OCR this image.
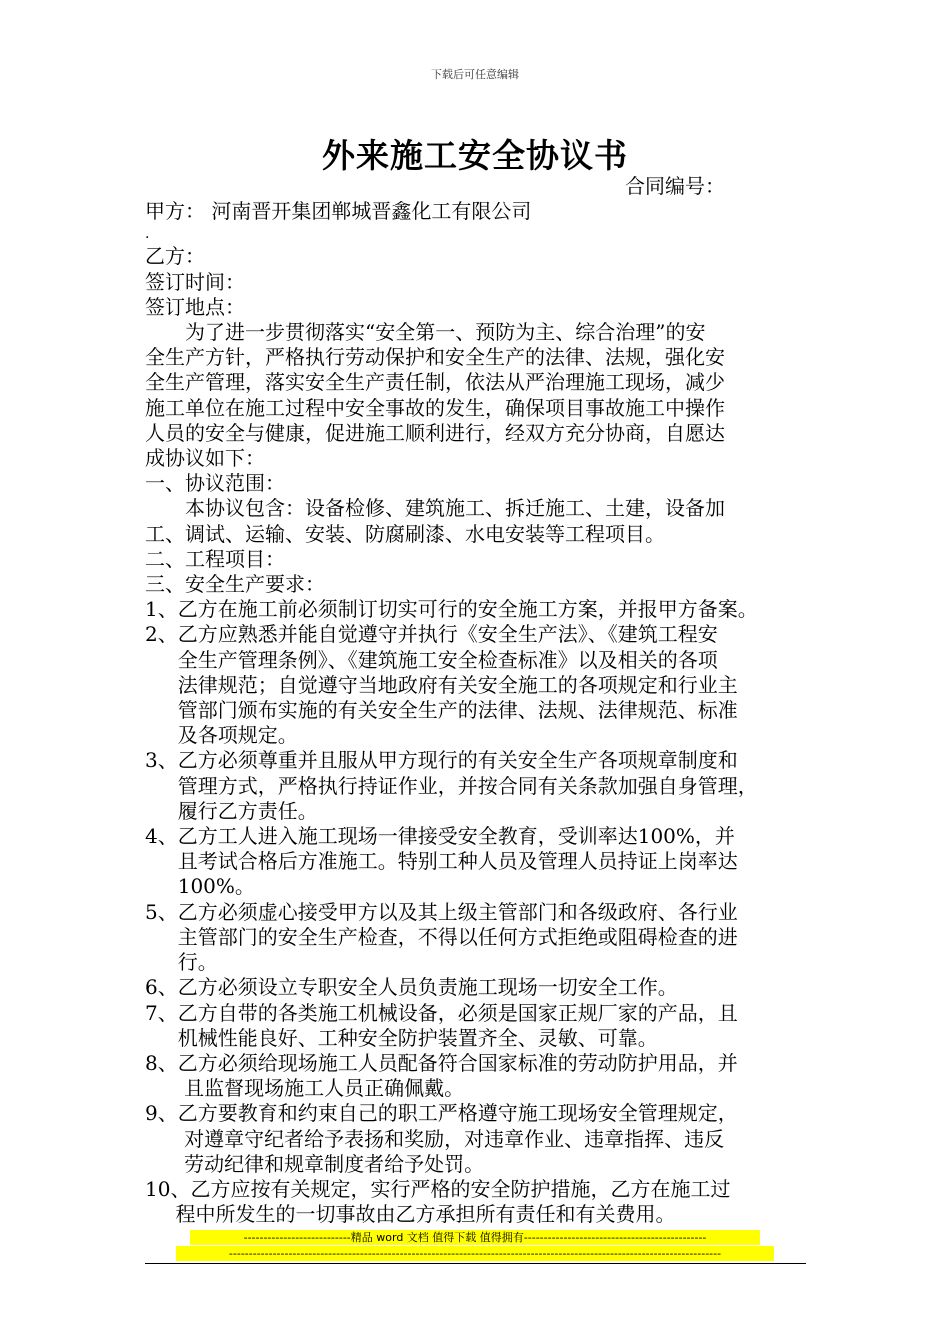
下载后可任意编辑
外来施工安全协议书
合同编号：
甲方： 河南晋开集团郸城晋鑫化工有限公司
.
乙方：
签订时间：
签订地点：
为了进一步贯彻落实“安全第一、预防为主、综合治理”的安
全生产方针，严格执行劳动保护和安全生产的法律、法规，强化安
全生产管理，落实安全生产责任制，依法从严治理施工现场，减少
施工单位在施工过程中安全事故的发生，确保项目事故施工中操作
人员的安全与健康，促进施工顺利进行，经双方充分协商，自愿达
成协议如下：
一、协议范围：
本协议包含：设备检修、建筑施工、拆迁施工、土建，设备加
工、调试、运输、安装、防腐刷漆、水电安装等工程项目。
二、工程项目：
三、安全生产要求：
1、 乙方在施工前必须制订切实可行的安全施工方案，并报甲方备案。
2、 乙方应熟悉并能自觉遵守并执行《安全生产法》、《建筑工程安
全生产管理条例》、《建筑施工安全检查标准》以及相关的各项
法律规范；自觉遵守当地政府有关安全施工的各项规定和行业主
管部门颁布实施的有关安全生产的法律、法规、法律规范、标准
及各项规定。
3、 乙方必须尊重并且服从甲方现行的有关安全生产各项规章制度和
管理方式，严格执行持证作业，并按合同有关条款加强自身管理，
履行乙方责任。
4、 乙方工人进入施工现场一律接受安全教育，受训率达100%，并
且考试合格后方准施工。特别工种人员及管理人员持证上岗率达
100%。
5、 乙方必须虚心接受甲方以及其上级主管部门和各级政府、各行业
主管部门的安全生产检查，不得以任何方式拒绝或阻碍检查的进
行。
6、 乙方必须设立专职安全人员负责施工现场一切安全工作。
7、 乙方自带的各类施工机械设备，必须是国家正规厂家的产品，且
机械性能良好、工种安全防护装置齐全、灵敏、可靠。
8、 乙方必须给现场施工人员配备符合国家标准的劳动防护用品，并
且监督现场施工人员正确佩戴。
9、 乙方要教育和约束自己的职工严格遵守施工现场安全管理规定，
对遵章守纪者给予表扬和奖励，对违章作业、违章指挥、违反
劳动纪律和规章制度者给予处罚。
10、 乙方应按有关规定，实行严格的安全防护措施，乙方在施工过
程中所发生的一切事故由乙方承担所有责任和有关费用。
---------------------------精品 word 文档 值得下载 值得拥有----------------------------------------------
----------------------------------------------------------------------------------------------------------------------------
